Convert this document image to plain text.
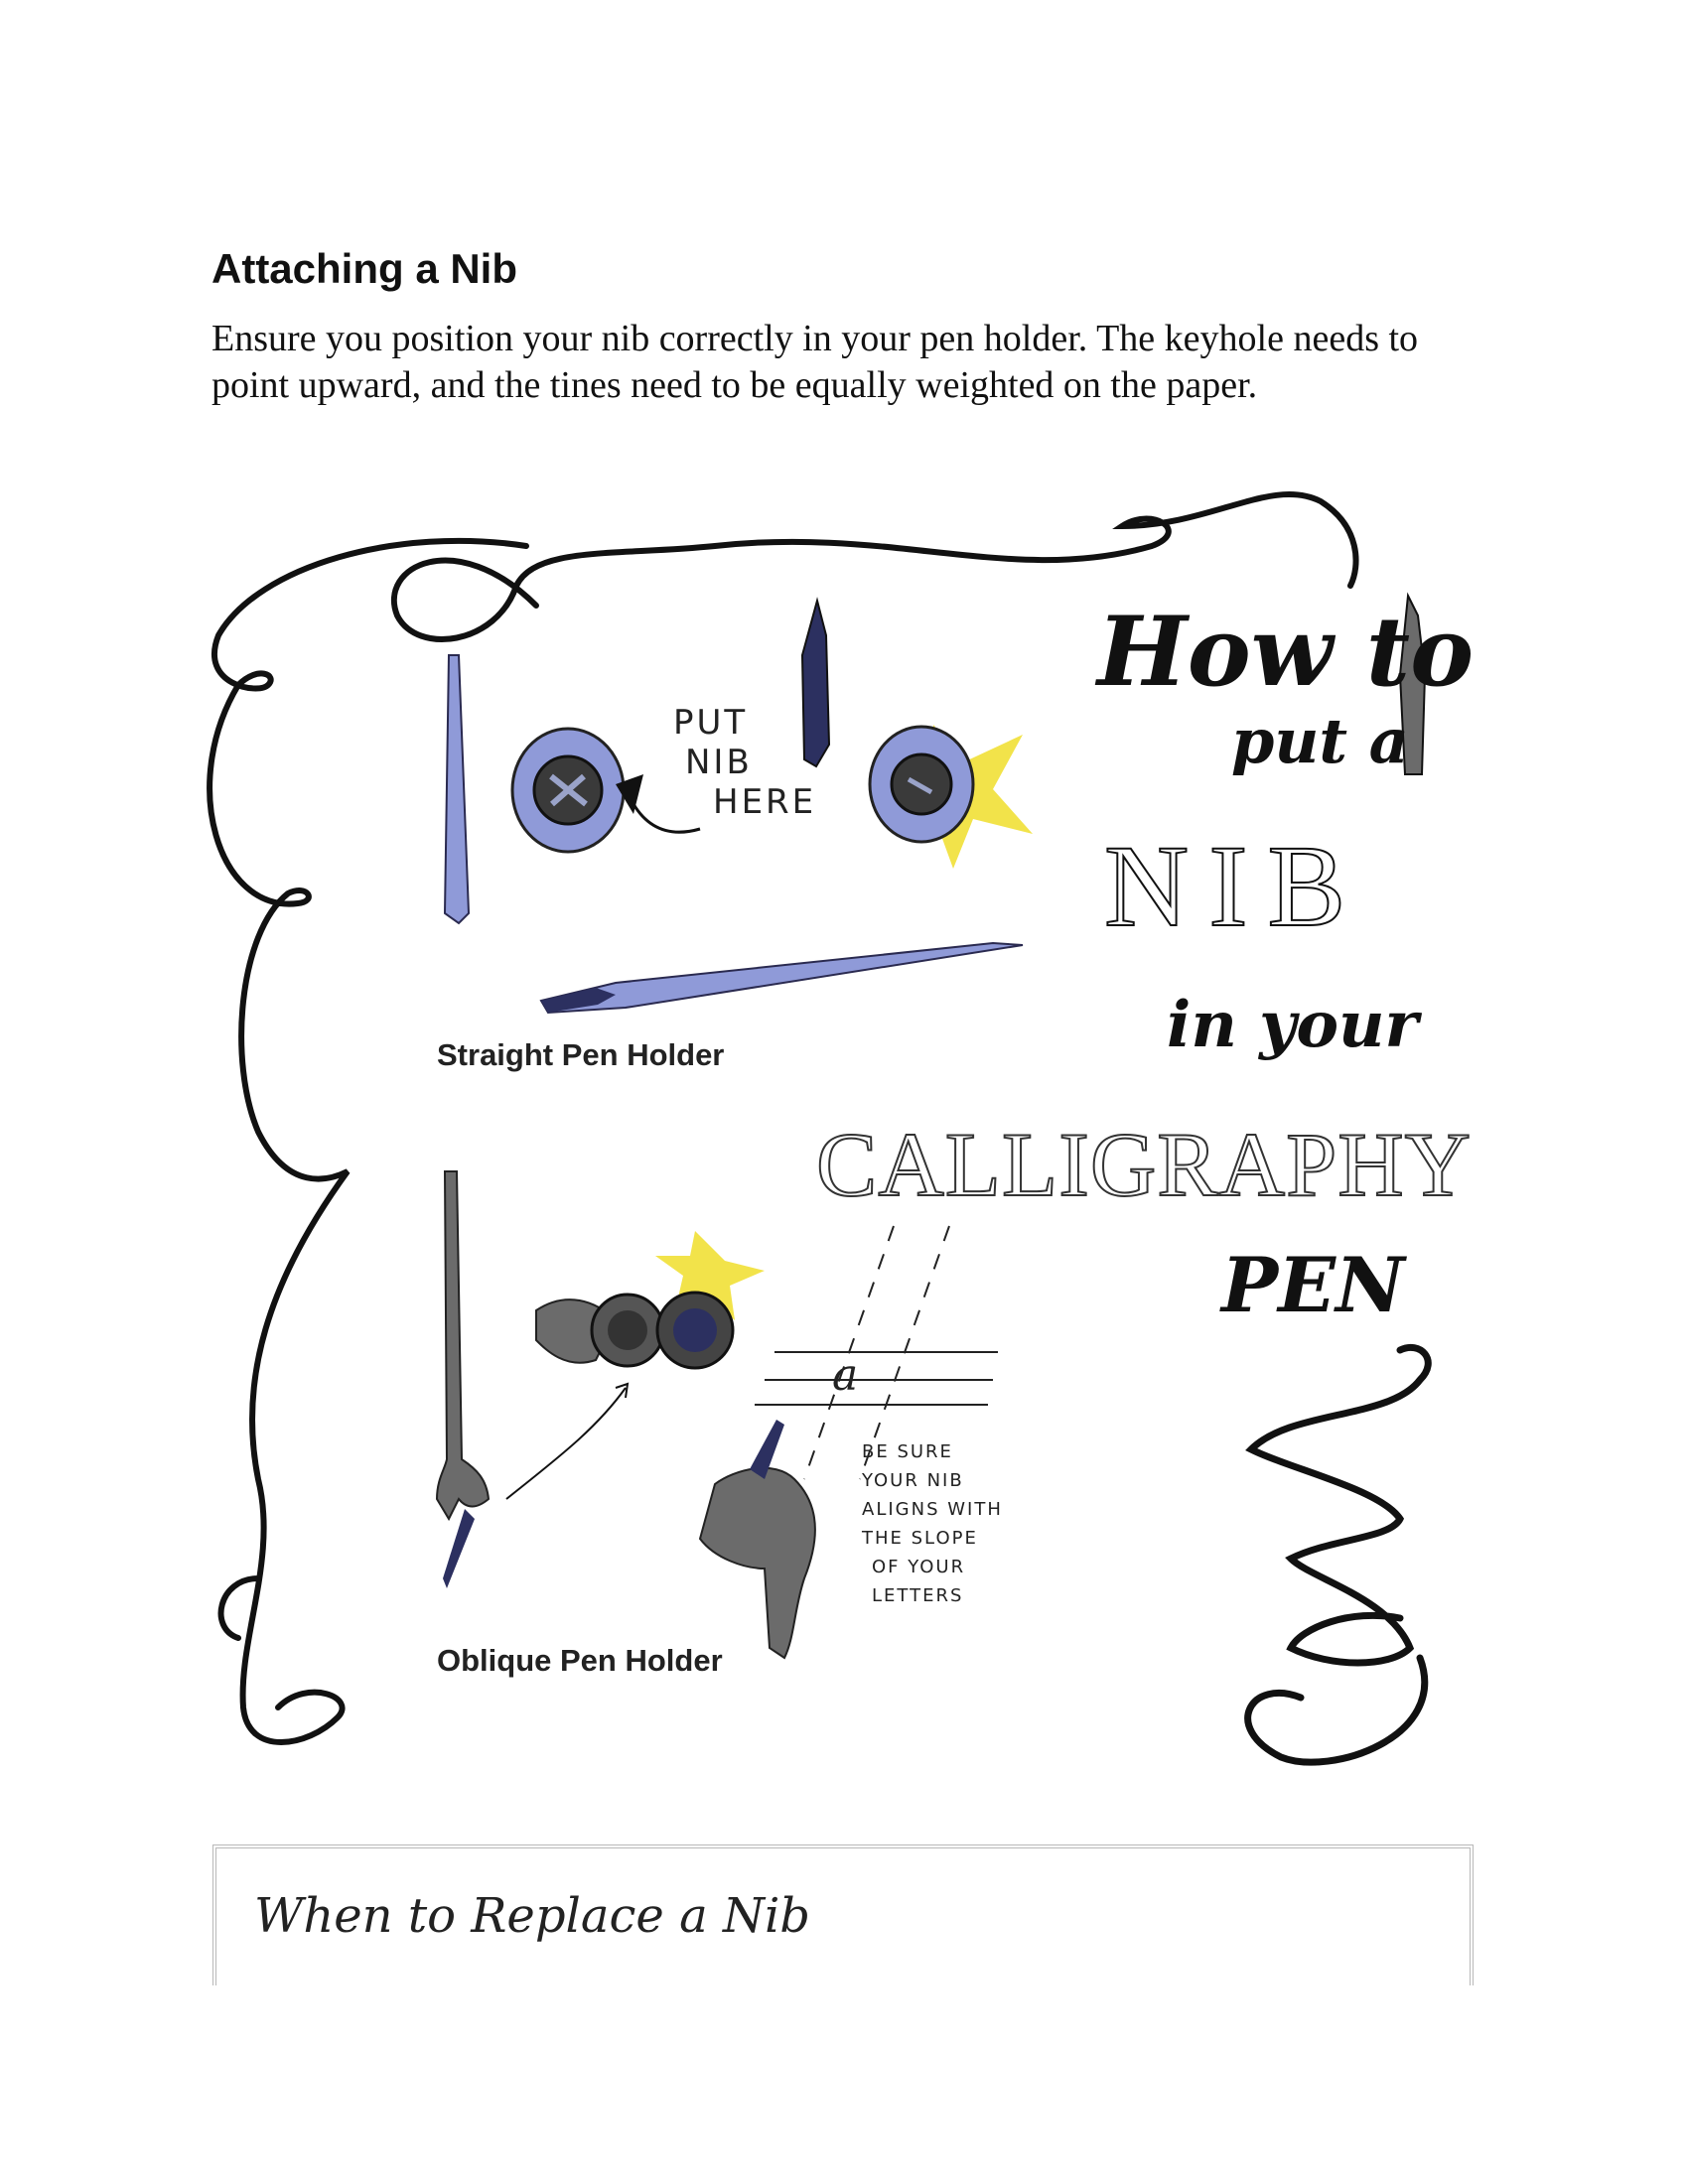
Attaching a Nib

Ensure you position your nib correctly in your pen holder. The keyhole needs to point upward, and the tines need to be equally weighted on the paper.

PUT
NIB
HERE
Straight Pen Holder
Oblique Pen Holder
a
BE SURE
YOUR NIB
ALIGNS WITH
THE SLOPE
OF YOUR
LETTERS
How to
put a
NIB
in your
CALLIGRAPHY
PEN
When to Replace a Nib
